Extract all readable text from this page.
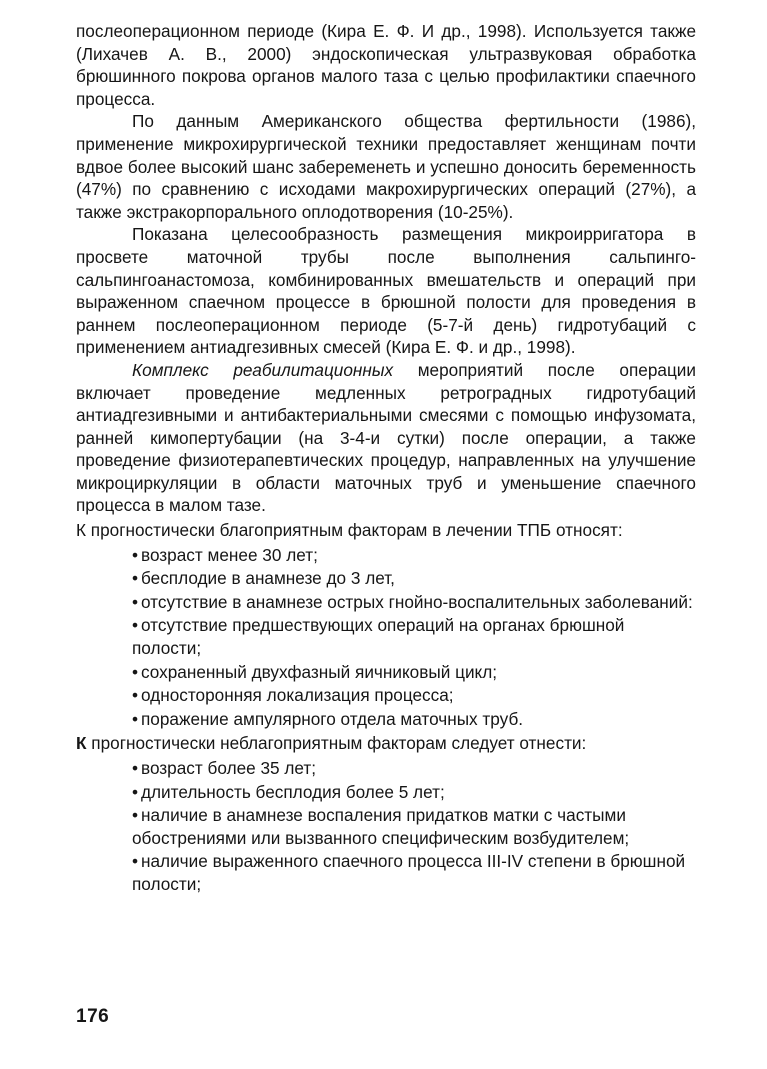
послеоперационном периоде (Кира Е. Ф. И др., 1998). Используется также (Лихачев А. В., 2000) эндоскопическая ультразвуковая обработка брюшинного покрова органов малого таза с целью профилактики спаечного процесса.

По данным Американского общества фертильности (1986), применение микрохирургической техники предоставляет женщинам почти вдвое более высокий шанс забеременеть и успешно доносить беременность (47%) по сравнению с исходами макрохирургических операций (27%), а также экстракорпорального оплодотворения (10-25%).

Показана целесообразность размещения микроирригатора в просвете маточной трубы после выполнения сальпинго-сальпингоанастомоза, комбинированных вмешательств и операций при выраженном спаечном процессе в брюшной полости для проведения в раннем послеоперационном периоде (5-7-й день) гидротубаций с применением антиадгезивных смесей (Кира Е. Ф. и др., 1998).

Комплекс реабилитационных мероприятий после операции включает проведение медленных ретроградных гидротубаций антиадгезивными и антибактериальными смесями с помощью инфузомата, ранней кимопертубации (на 3-4-и сутки) после операции, а также проведение физиотерапевтических процедур, направленных на улучшение микроциркуляции в области маточных труб и уменьшение спаечного процесса в малом тазе.

К прогностически благоприятным факторам в лечении ТПБ относят:

• возраст менее 30 лет;
• бесплодие в анамнезе до 3 лет,
• отсутствие в анамнезе острых гнойно-воспалительных заболеваний:
• отсутствие предшествующих операций на органах брюшной полости;
• сохраненный двухфазный яичниковый цикл;
• односторонняя локализация процесса;
• поражение ампулярного отдела маточных труб.

К прогностически неблагоприятным факторам следует отнести:

• возраст более 35 лет;
• длительность бесплодия более 5 лет;
• наличие в анамнезе воспаления придатков матки с частыми обострениями или вызванного специфическим возбудителем;
• наличие выраженного спаечного процесса III-IV степени в брюшной полости;
176
